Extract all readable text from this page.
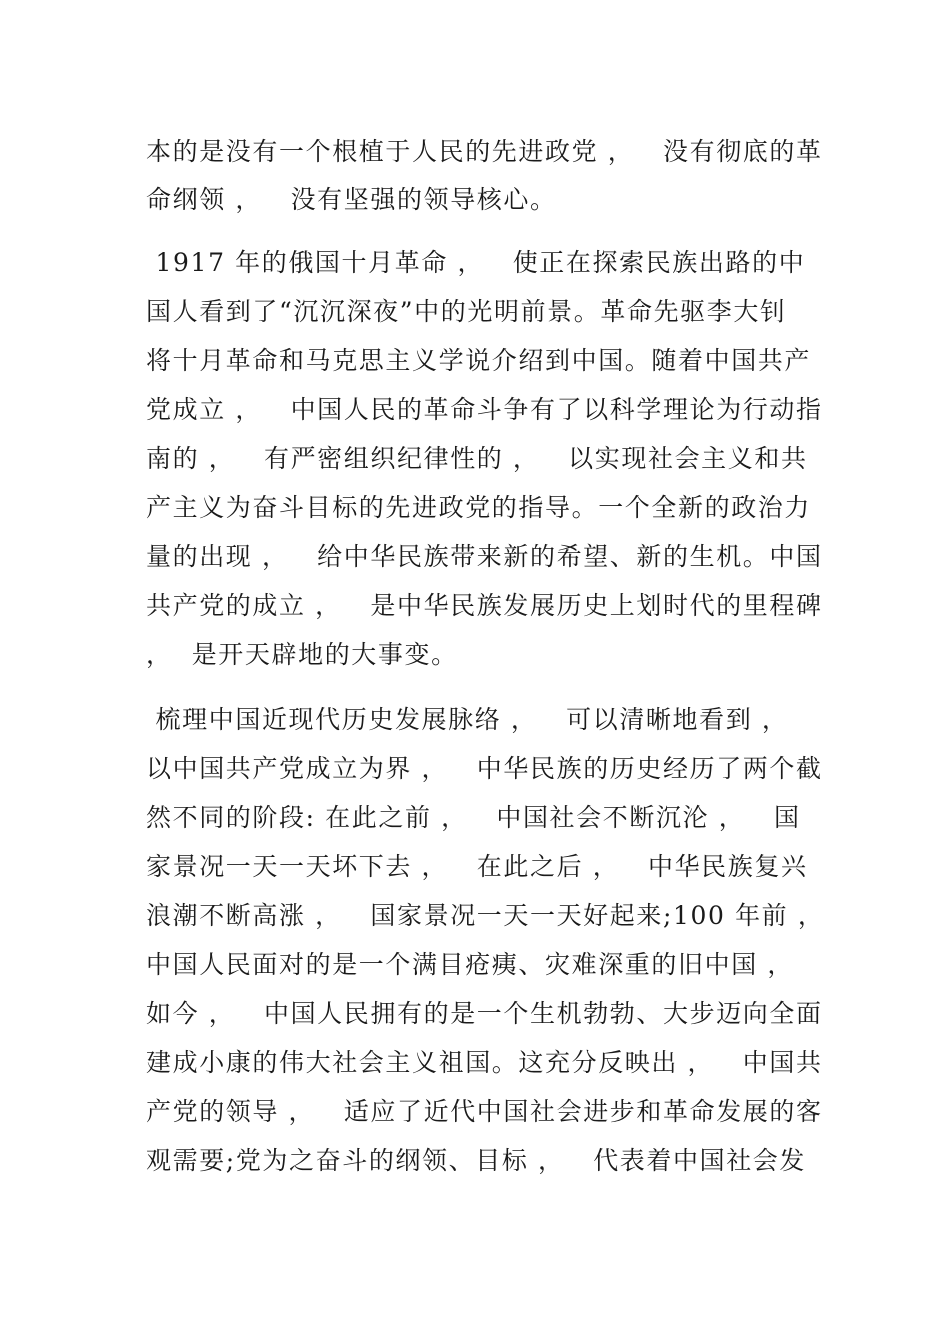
本的是没有一个根植于人民的先进政党 ，   没有彻底的革
命纲领 ，   没有坚强的领导核心。
1917 年的俄国十月革命 ，   使正在探索民族出路的中
国人看到了“沉沉深夜”中的光明前景。革命先驱李大钊
将十月革命和马克思主义学说介绍到中国。随着中国共产
党成立 ，   中国人民的革命斗争有了以科学理论为行动指
南的 ，   有严密组织纪律性的 ，   以实现社会主义和共
产主义为奋斗目标的先进政党的指导。一个全新的政治力
量的出现 ，   给中华民族带来新的希望、新的生机。中国
共产党的成立 ，   是中华民族发展历史上划时代的里程碑
，  是开天辟地的大事变。
梳理中国近现代历史发展脉络 ，   可以清晰地看到 ，
以中国共产党成立为界 ，   中华民族的历史经历了两个截
然不同的阶段: 在此之前 ，   中国社会不断沉沦 ，   国
家景况一天一天坏下去 ，   在此之后 ，   中华民族复兴
浪潮不断高涨 ，   国家景况一天一天好起来;100 年前 ，
中国人民面对的是一个满目疮痍、灾难深重的旧中国 ，
如今 ，   中国人民拥有的是一个生机勃勃、大步迈向全面
建成小康的伟大社会主义祖国。这充分反映出 ，   中国共
产党的领导 ，   适应了近代中国社会进步和革命发展的客
观需要;党为之奋斗的纲领、目标 ，   代表着中国社会发
